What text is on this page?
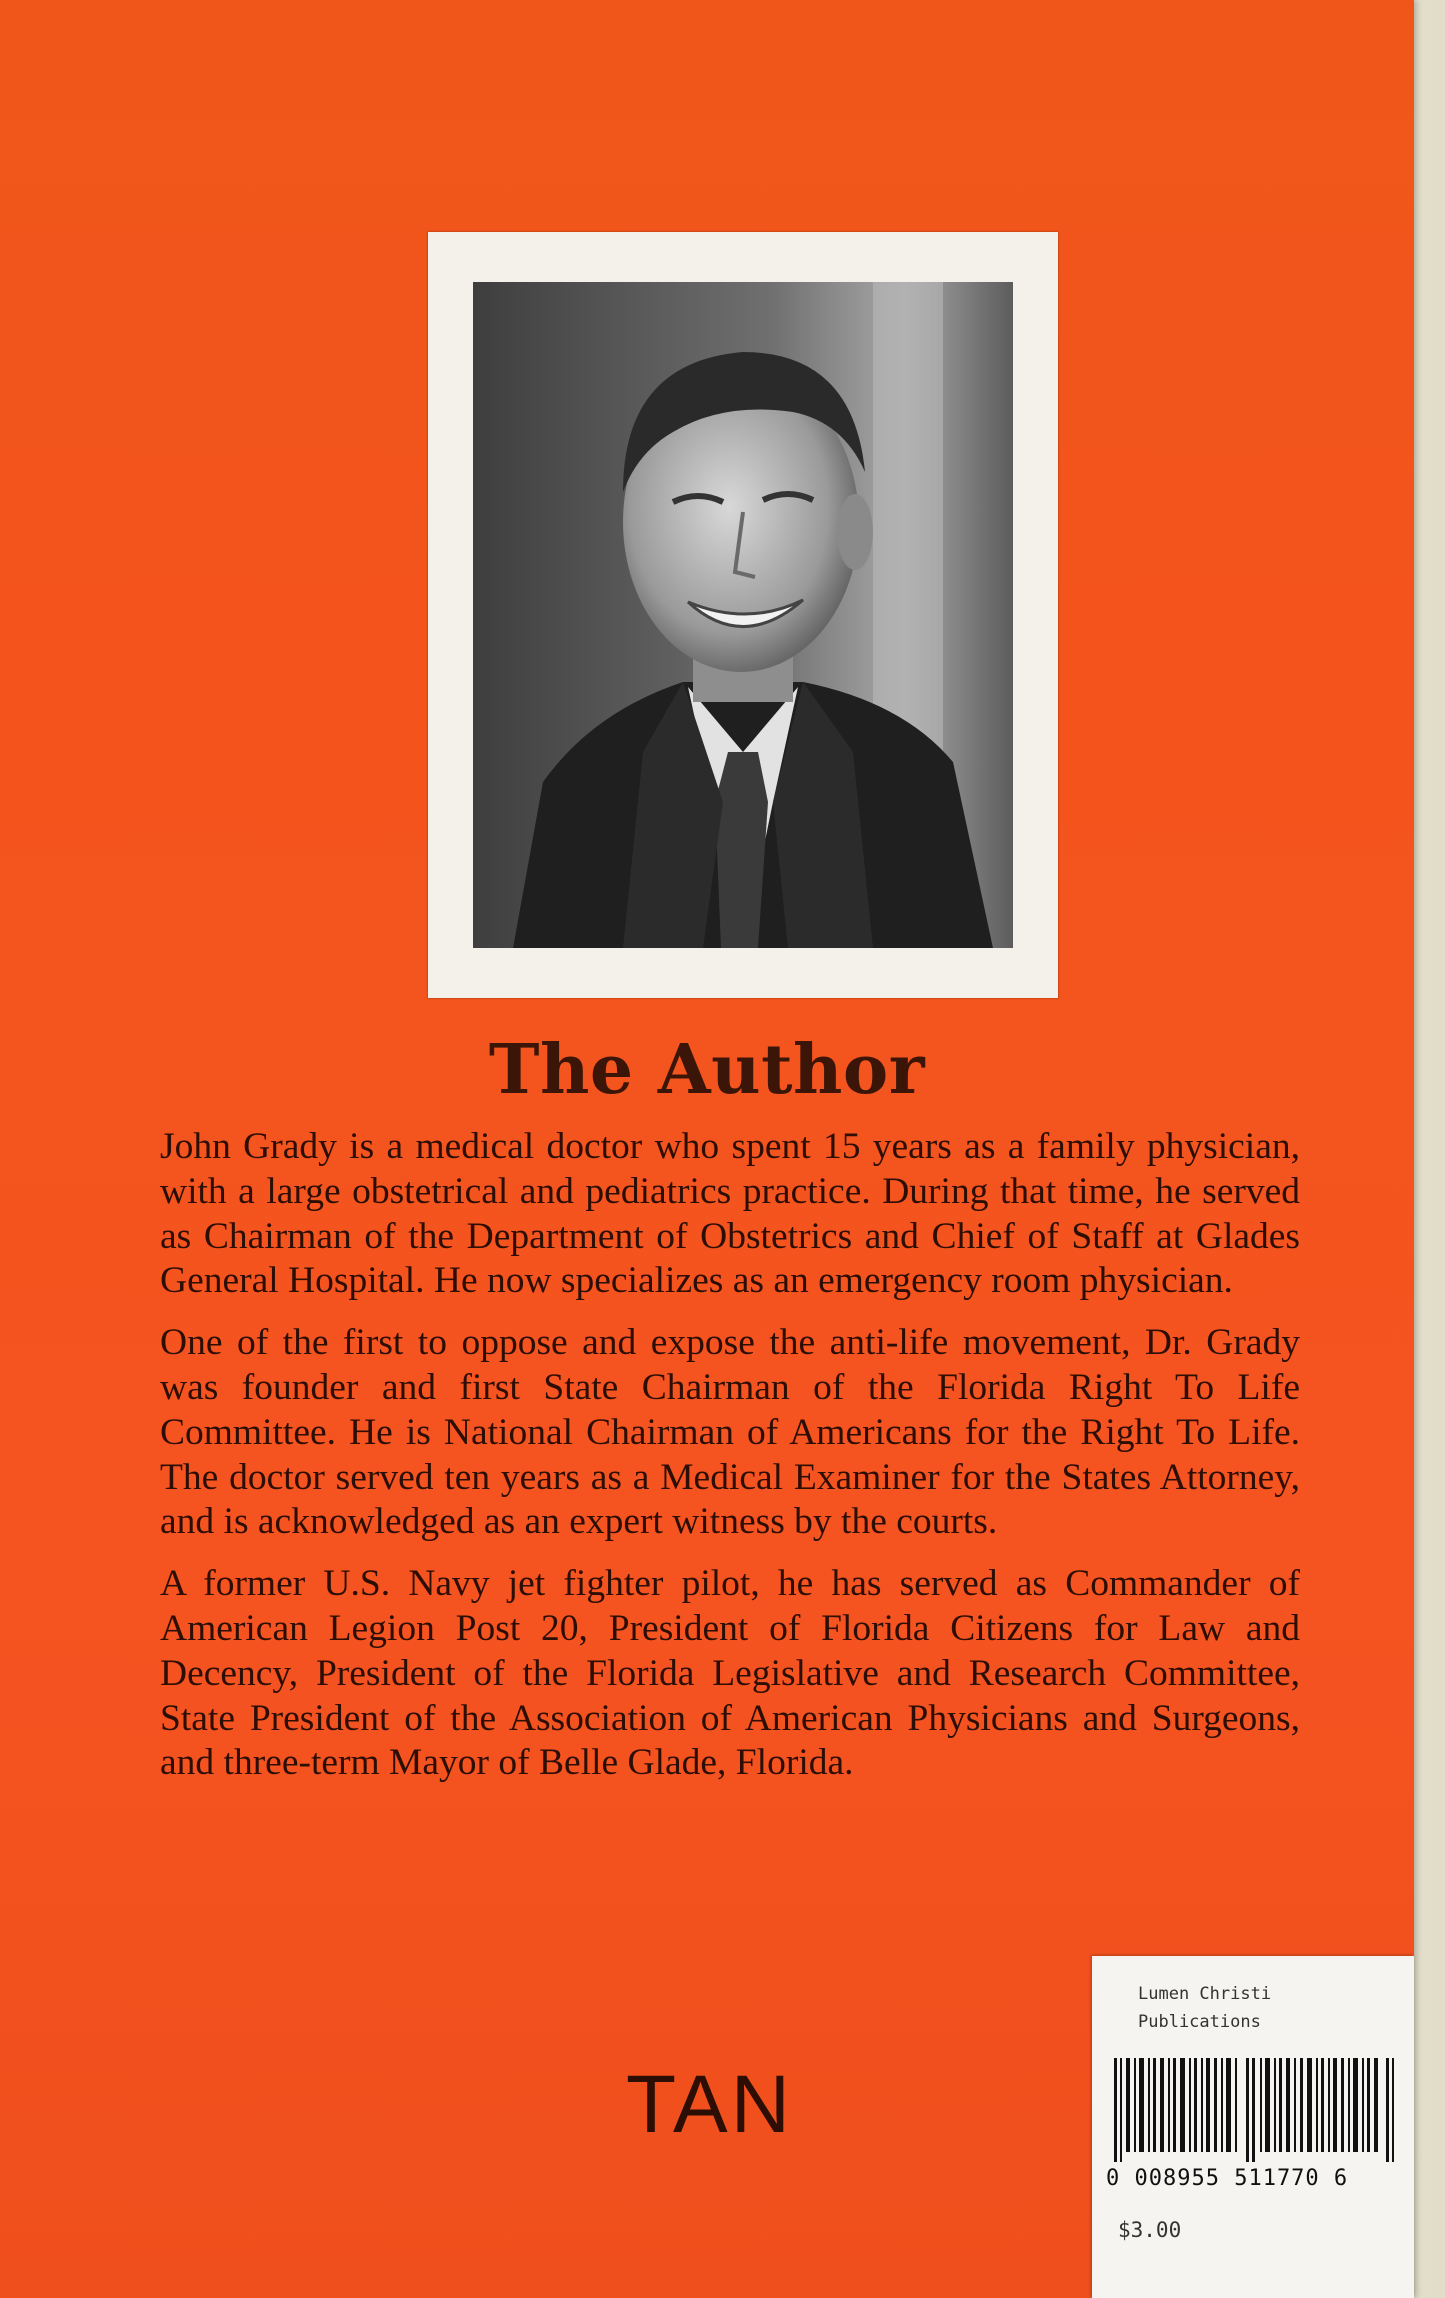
The Author

John Grady is a medical doctor who spent 15 years as a family physician, with a large obstetrical and pediatrics practice. During that time, he served as Chairman of the Department of Obstetrics and Chief of Staff at Glades General Hospital. He now specializes as an emergency room physician.

One of the first to oppose and expose the anti-life movement, Dr. Grady was founder and first State Chairman of the Florida Right To Life Committee. He is National Chairman of Americans for the Right To Life. The doctor served ten years as a Medical Examiner for the States Attorney, and is acknowledged as an expert witness by the courts.

A former U.S. Navy jet fighter pilot, he has served as Commander of American Legion Post 20, President of Florida Citizens for Law and Decency, President of the Florida Legislative and Research Committee, State President of the Association of American Physicians and Surgeons, and three-term Mayor of Belle Glade, Florida.

TAN
Lumen Christi
Publications
0 008955 511770 6
$3.00
